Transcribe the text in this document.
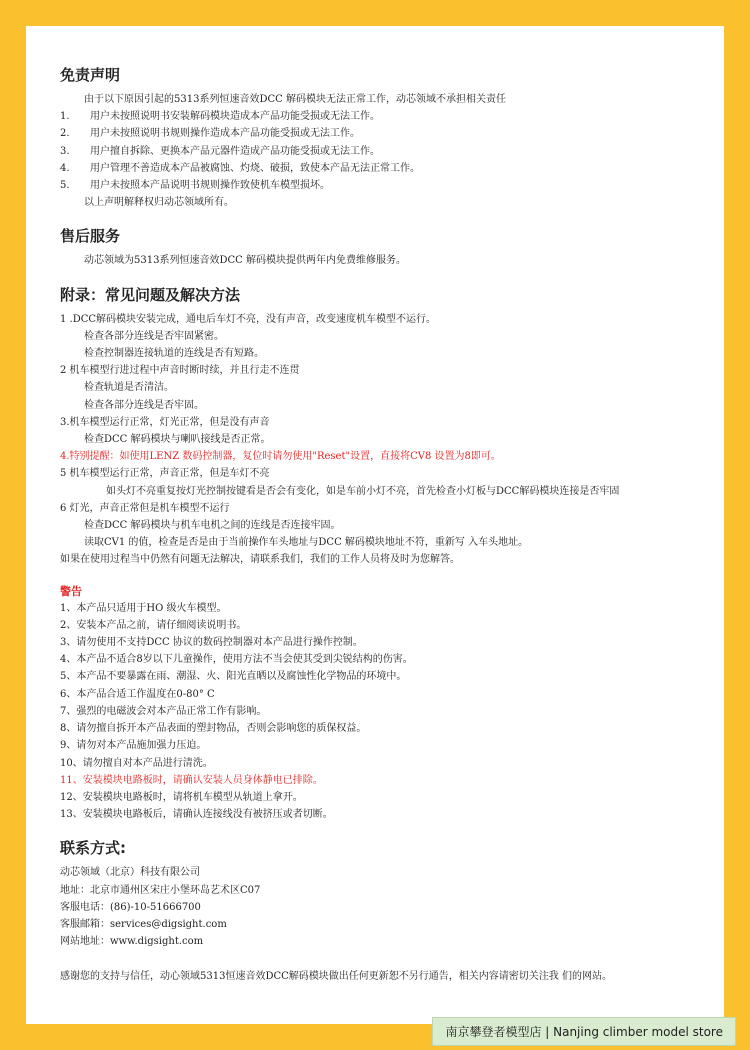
免责声明
由于以下原因引起的5313系列恒速音效DCC 解码模块无法正常工作，动芯领域不承担相关责任
1. 用户未按照说明书安装解码模块造成本产品功能受损或无法工作。
2. 用户未按照说明书规则操作造成本产品功能受损或无法工作。
3. 用户擅自拆除、更换本产品元器件造成产品功能受损或无法工作。
4. 用户管理不善造成本产品被腐蚀、灼烧、破损，致使本产品无法正常工作。
5. 用户未按照本产品说明书规则操作致使机车模型损坏。
以上声明解释权归动芯领域所有。
售后服务
动芯领域为5313系列恒速音效DCC 解码模块提供两年内免费维修服务。
附录：常见问题及解决方法
1 .DCC解码模块安装完成，通电后车灯不亮，没有声音，改变速度机车模型不运行。
检查各部分连线是否牢固紧密。
检查控制器连接轨道的连线是否有短路。
2 机车模型行进过程中声音时断时续，并且行走不连贯
检查轨道是否清洁。
检查各部分连线是否牢固。
3.机车模型运行正常，灯光正常，但是没有声音
检查DCC 解码模块与喇叭接线是否正常。
4.特别提醒：如使用LENZ 数码控制器，复位时请勿使用"Reset"设置，直接将CV8 设置为8即可。
5 机车模型运行正常，声音正常，但是车灯不亮
如头灯不亮重复按灯光控制按键看是否会有变化，如是车前小灯不亮，首先检查小灯板与DCC解码模块连接是否牢固
6 灯光，声音正常但是机车模型不运行
检查DCC 解码模块与机车电机之间的连线是否连接牢固。
读取CV1 的值，检查是否是由于当前操作车头地址与DCC 解码模块地址不符，重新写 入车头地址。
如果在使用过程当中仍然有问题无法解决，请联系我们，我们的工作人员将及时为您解答。
警告
1、本产品只适用于HO 级火车模型。
2、安装本产品之前，请仔细阅读说明书。
3、请勿使用不支持DCC 协议的数码控制器对本产品进行操作控制。
4、本产品不适合8岁以下儿童操作，使用方法不当会使其受到尖锐结构的伤害。
5、本产品不要暴露在雨、潮湿、火、阳光直晒以及腐蚀性化学物品的环境中。
6、本产品合适工作温度在0-80° C
7、强烈的电磁波会对本产品正常工作有影响。
8、请勿擅自拆开本产品表面的塑封物品，否则会影响您的质保权益。
9、请勿对本产品施加强力压迫。
10、请勿擅自对本产品进行清洗。
11、安装模块电路板时，请确认安装人员身体静电已排除。
12、安装模块电路板时，请将机车模型从轨道上拿开。
13、安装模块电路板后，请确认连接线没有被挤压或者切断。
联系方式:
动芯领域（北京）科技有限公司
地址：北京市通州区宋庄小堡环岛艺术区C07
客服电话：(86)-10-51666700
客服邮箱：services@digsight.com
网站地址：www.digsight.com
感谢您的支持与信任，动心领域5313恒速音效DCC解码模块做出任何更新恕不另行通告，相关内容请密切关注我 们的网站。
南京攀登者模型店 | Nanjing climber model store
